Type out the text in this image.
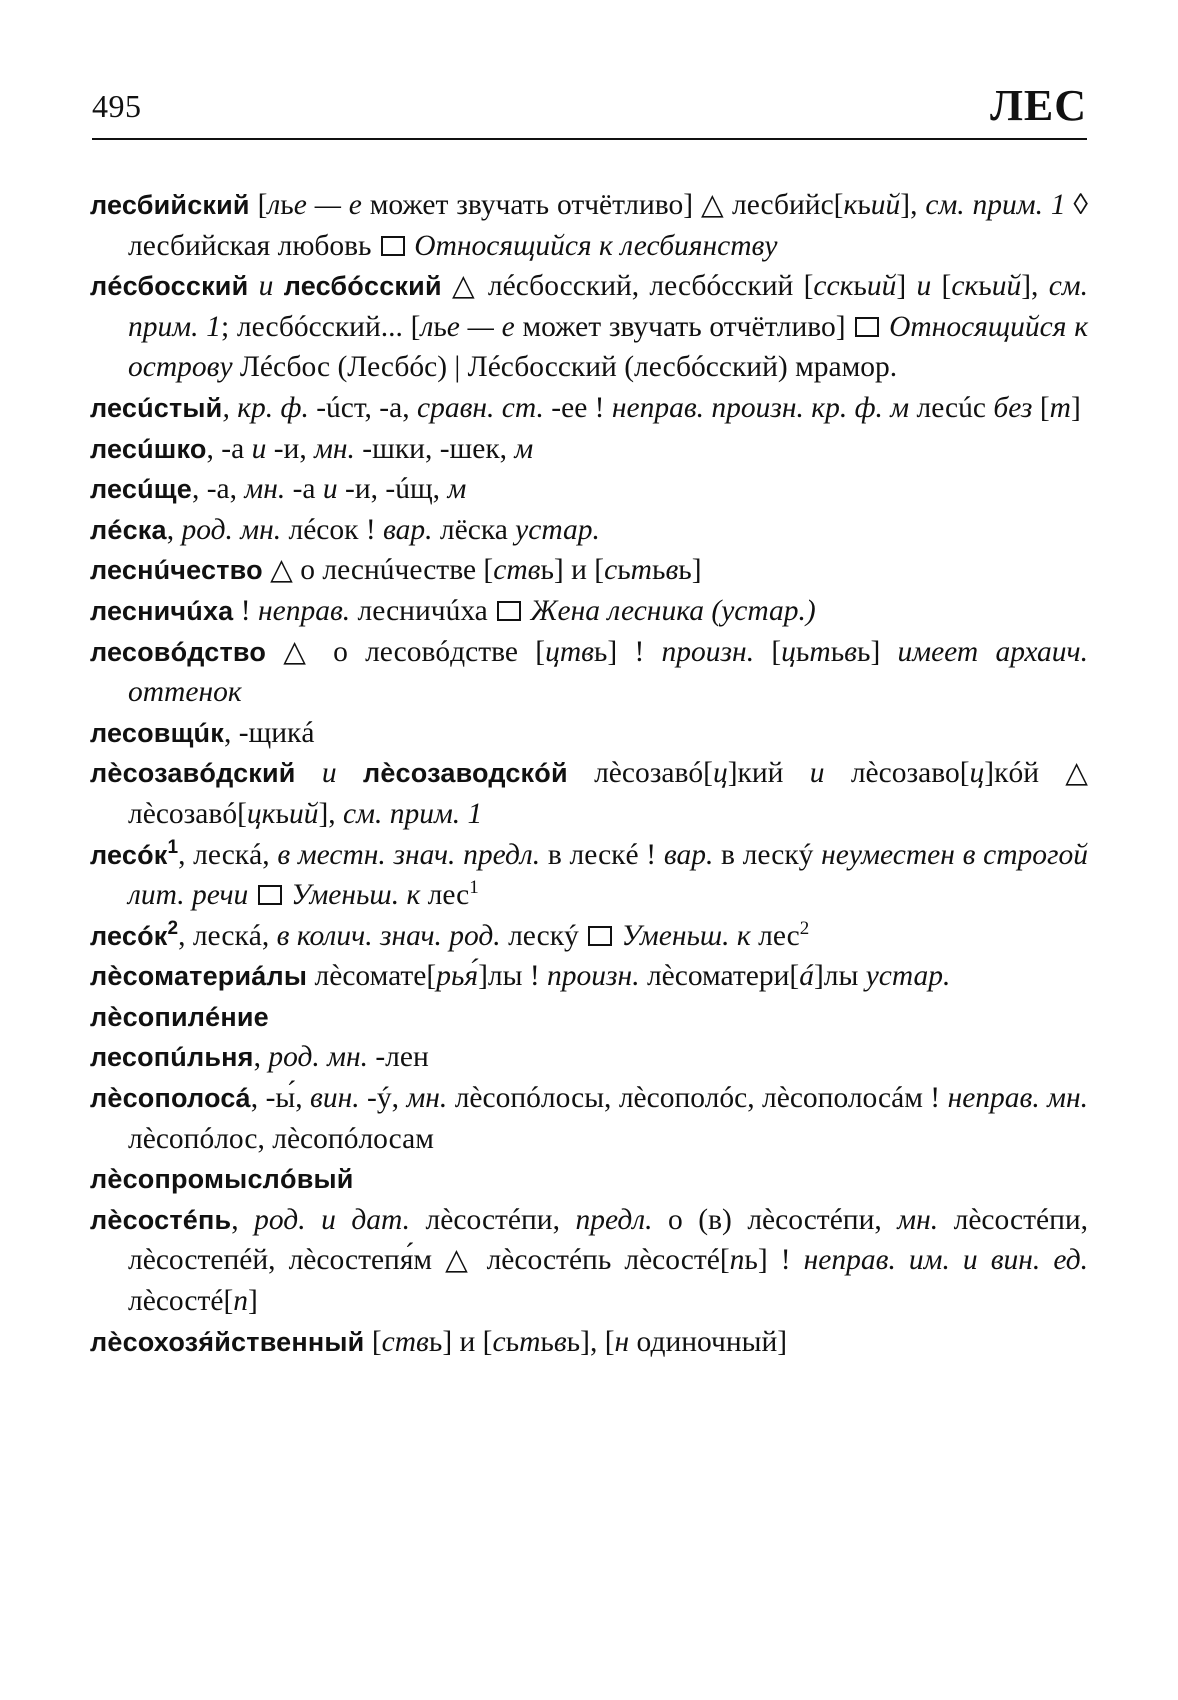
495	ЛЕС

лесбийский [лье — е может звучать отчётливо] △ лесбийс[кьий], см. прим. 1 ◊ лесбийская любовь  Относящийся к лесбиянству

лéсбосский и лесбóсский △ лéсбосский, лесбóсский [сскьий] и [скьий], см. прим. 1; лесбóсский... [лье — е может звучать отчётливо]  Относящийся к острову Лéсбос (Лесбóс) | Лéсбосский (лесбóсский) мрамор.

лесúстый, кр. ф. -úст, -а, сравн. ст. -ее ! неправ. произн. кр. ф. м лесúс без [т]

лесúшко, -а и -и, мн. -шки, -шек, м

лесúще, -а, мн. -а и -и, -úщ, м

лéска, род. мн. лéсок ! вар. лёска устар.

леснúчество △ о леснúчестве [ствь] и [сьтьвь]

лесничúха ! неправ. лесничúха  Жена лесника (устар.)

лесовóдство △ о лесовóдстве [цтвь] ! произн. [цьтьвь] имеет архаич. оттенок

лесовщúк, -щикá

лѐсозавóдский и лѐсозаводскóй лѐсозавó[ц]кий и лѐсозаво[ц]кóй △ лѐсозавó[цкьий], см. прим. 1

лесóк$^1$, лескá, в местн. знач. предл. в лескé ! вар. в лескý неуместен в строгой лит. речи  Уменьш. к лес$^1$

лесóк$^2$, лескá, в колич. знач. род. лескý  Уменьш. к лес$^2$

лѐсоматериáлы лѐсомате[рья́]лы ! произн. лѐсоматери[á]лы устар.

лѐсопилéние

лесопúльня, род. мн. -лен

лѐсополосá, -ы́, вин. -ý, мн. лѐсопóлосы, лѐсополóс, лѐсополосáм ! неправ. мн. лѐсопóлос, лѐсопóлосам

лѐсопромыслóвый

лѐсостéпь, род. и дат. лѐсостéпи, предл. о (в) лѐсостéпи, мн. лѐсостéпи, лѐсостепéй, лѐсостепя́м △ лѐсостéпь лѐсостé[пь] ! неправ. им. и вин. ед. лѐсостé[п]

лѐсохозя́йственный [ствь] и [сьтьвь], [н одиночный]
